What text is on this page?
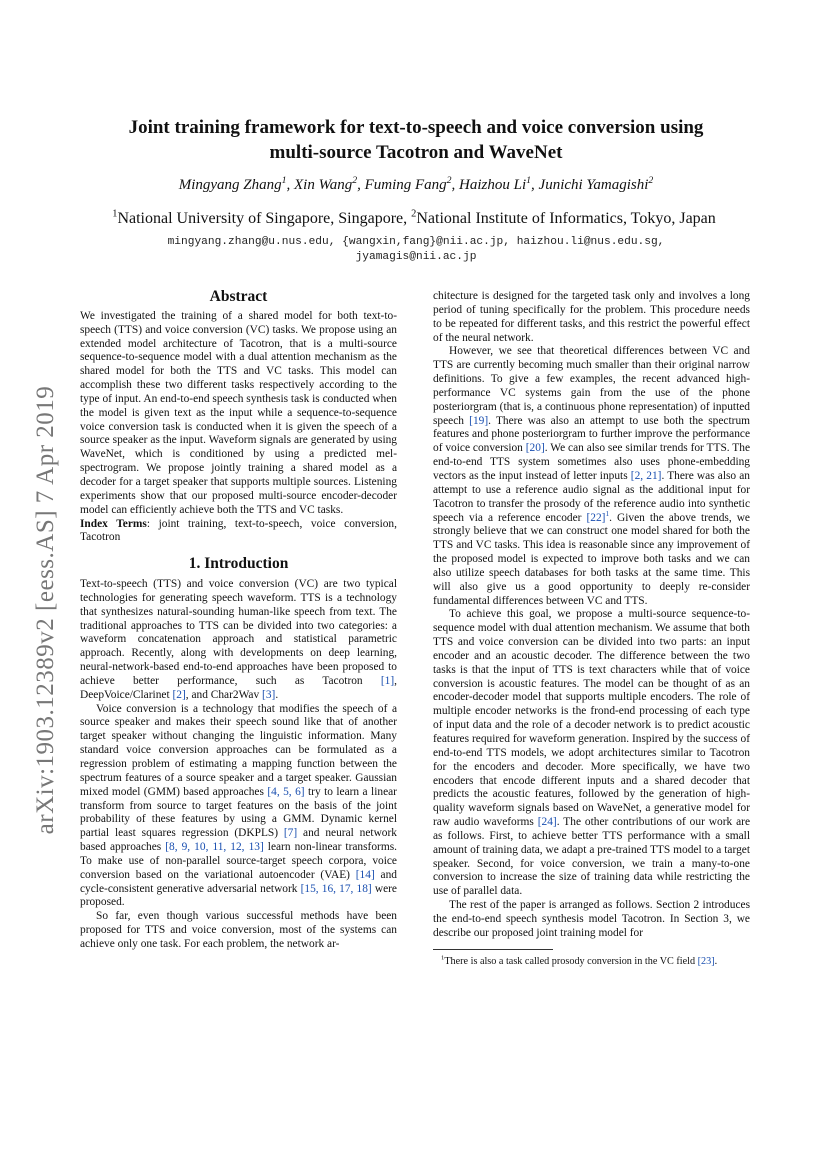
arXiv:1903.12389v2 [eess.AS] 7 Apr 2019
Joint training framework for text-to-speech and voice conversion using
multi-source Tacotron and WaveNet
Mingyang Zhang$^1$, Xin Wang$^2$, Fuming Fang$^2$, Haizhou Li$^1$, Junichi Yamagishi$^2$
$^1$National University of Singapore, Singapore, $^2$National Institute of Informatics, Tokyo, Japan
mingyang.zhang@u.nus.edu, {wangxin,fang}@nii.ac.jp, haizhou.li@nus.edu.sg,
jyamagis@nii.ac.jp
Abstract

We investigated the training of a shared model for both text-to-speech (TTS) and voice conversion (VC) tasks. We propose using an extended model architecture of Tacotron, that is a multi-source sequence-to-sequence model with a dual attention mechanism as the shared model for both the TTS and VC tasks. This model can accomplish these two different tasks respectively according to the type of input. An end-to-end speech synthesis task is conducted when the model is given text as the input while a sequence-to-sequence voice conversion task is conducted when it is given the speech of a source speaker as the input. Waveform signals are generated by using WaveNet, which is conditioned by using a predicted mel-spectrogram. We propose jointly training a shared model as a decoder for a target speaker that supports multiple sources. Listening experiments show that our proposed multi-source encoder-decoder model can efficiently achieve both the TTS and VC tasks.

Index Terms: joint training, text-to-speech, voice conversion, Tacotron

1. Introduction

Text-to-speech (TTS) and voice conversion (VC) are two typical technologies for generating speech waveform. TTS is a technology that synthesizes natural-sounding human-like speech from text. The traditional approaches to TTS can be divided into two categories: a waveform concatenation approach and statistical parametric approach. Recently, along with developments on deep learning, neural-network-based end-to-end approaches have been proposed to achieve better performance, such as Tacotron [1], DeepVoice/Clarinet [2], and Char2Wav [3].

Voice conversion is a technology that modifies the speech of a source speaker and makes their speech sound like that of another target speaker without changing the linguistic information. Many standard voice conversion approaches can be formulated as a regression problem of estimating a mapping function between the spectrum features of a source speaker and a target speaker. Gaussian mixed model (GMM) based approaches [4, 5, 6] try to learn a linear transform from source to target features on the basis of the joint probability of these features by using a GMM. Dynamic kernel partial least squares regression (DKPLS) [7] and neural network based approaches [8, 9, 10, 11, 12, 13] learn non-linear transforms. To make use of non-parallel source-target speech corpora, voice conversion based on the variational autoencoder (VAE) [14] and cycle-consistent generative adversarial network [15, 16, 17, 18] were proposed.

So far, even though various successful methods have been proposed for TTS and voice conversion, most of the systems can achieve only one task. For each problem, the network ar-

chitecture is designed for the targeted task only and involves a long period of tuning specifically for the problem. This procedure needs to be repeated for different tasks, and this restrict the powerful effect of the neural network.

However, we see that theoretical differences between VC and TTS are currently becoming much smaller than their original narrow definitions. To give a few examples, the recent advanced high-performance VC systems gain from the use of the phone posteriorgram (that is, a continuous phone representation) of inputted speech [19]. There was also an attempt to use both the spectrum features and phone posteriorgram to further improve the performance of voice conversion [20]. We can also see similar trends for TTS. The end-to-end TTS system sometimes also uses phone-embedding vectors as the input instead of letter inputs [2, 21]. There was also an attempt to use a reference audio signal as the additional input for Tacotron to transfer the prosody of the reference audio into synthetic speech via a reference encoder [22]$^1$. Given the above trends, we strongly believe that we can construct one model shared for both the TTS and VC tasks. This idea is reasonable since any improvement of the proposed model is expected to improve both tasks and we can also utilize speech databases for both tasks at the same time. This will also give us a good opportunity to deeply re-consider fundamental differences between VC and TTS.

To achieve this goal, we propose a multi-source sequence-to-sequence model with dual attention mechanism. We assume that both TTS and voice conversion can be divided into two parts: an input encoder and an acoustic decoder. The difference between the two tasks is that the input of TTS is text characters while that of voice conversion is acoustic features. The model can be thought of as an encoder-decoder model that supports multiple encoders. The role of multiple encoder networks is the frond-end processing of each type of input data and the role of a decoder network is to predict acoustic features required for waveform generation. Inspired by the success of end-to-end TTS models, we adopt architectures similar to Tacotron for the encoders and decoder. More specifically, we have two encoders that encode different inputs and a shared decoder that predicts the acoustic features, followed by the generation of high-quality waveform signals based on WaveNet, a generative model for raw audio waveforms [24]. The other contributions of our work are as follows. First, to achieve better TTS performance with a small amount of training data, we adapt a pre-trained TTS model to a target speaker. Second, for voice conversion, we train a many-to-one conversion to increase the size of training data while restricting the use of parallel data.

The rest of the paper is arranged as follows. Section 2 introduces the end-to-end speech synthesis model Tacotron. In Section 3, we describe our proposed joint training model for

$^1$There is also a task called prosody conversion in the VC field [23].
